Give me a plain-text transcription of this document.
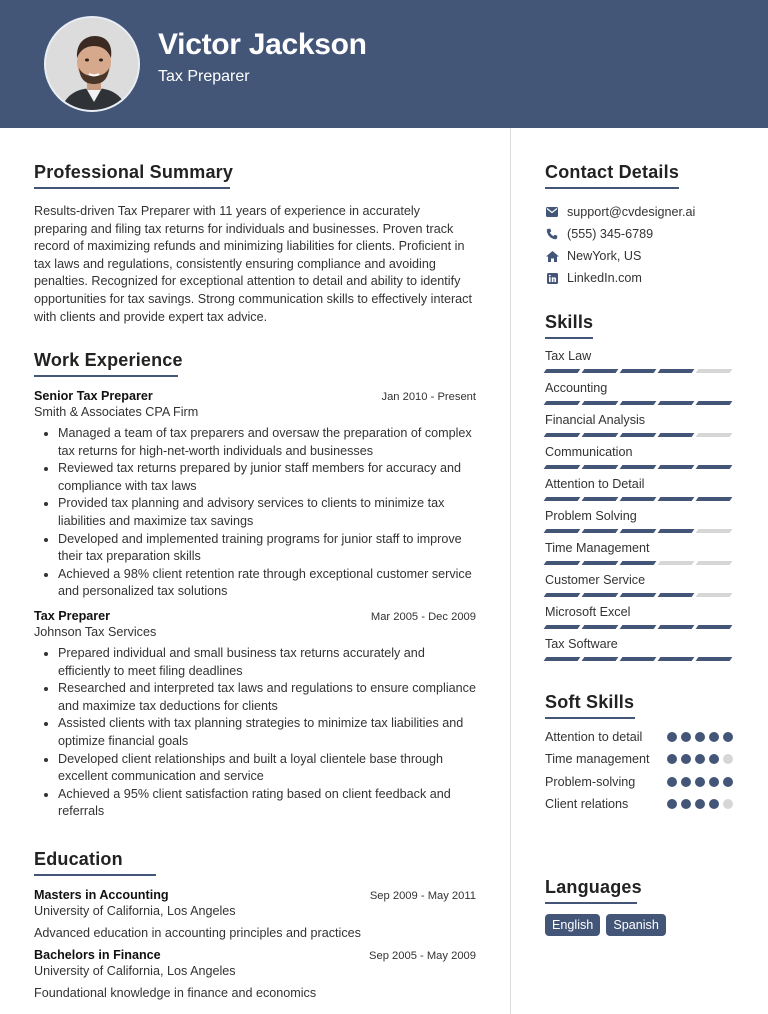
Victor Jackson
Tax Preparer
Professional Summary

Results-driven Tax Preparer with 11 years of experience in accurately preparing and filing tax returns for individuals and businesses. Proven track record of maximizing refunds and minimizing liabilities for clients. Proficient in tax laws and regulations, consistently ensuring compliance and avoiding penalties. Recognized for exceptional attention to detail and ability to identify opportunities for tax savings. Strong communication skills to effectively interact with clients and provide expert tax advice.

Work Experience
Senior Tax Preparer	Jan 2010 - Present
Smith & Associates CPA Firm
Managed a team of tax preparers and oversaw the preparation of complex tax returns for high-net-worth individuals and businesses
Reviewed tax returns prepared by junior staff members for accuracy and compliance with tax laws
Provided tax planning and advisory services to clients to minimize tax liabilities and maximize tax savings
Developed and implemented training programs for junior staff to improve their tax preparation skills
Achieved a 98% client retention rate through exceptional customer service and personalized tax solutions
Tax Preparer	Mar 2005 - Dec 2009
Johnson Tax Services
Prepared individual and small business tax returns accurately and efficiently to meet filing deadlines
Researched and interpreted tax laws and regulations to ensure compliance and maximize tax deductions for clients
Assisted clients with tax planning strategies to minimize tax liabilities and optimize financial goals
Developed client relationships and built a loyal clientele base through excellent communication and service
Achieved a 95% client satisfaction rating based on client feedback and referrals
Education
Masters in Accounting	Sep 2009 - May 2011
University of California, Los Angeles
Advanced education in accounting principles and practices
Bachelors in Finance	Sep 2005 - May 2009
University of California, Los Angeles
Foundational knowledge in finance and economics
Contact Details
support@cvdesigner.ai
(555) 345-6789
NewYork, US
LinkedIn.com
Skills
Tax Law
Accounting
Financial Analysis
Communication
Attention to Detail
Problem Solving
Time Management
Customer Service
Microsoft Excel
Tax Software
Soft Skills
Attention to detail
Time management
Problem-solving
Client relations
Languages
English	Spanish
